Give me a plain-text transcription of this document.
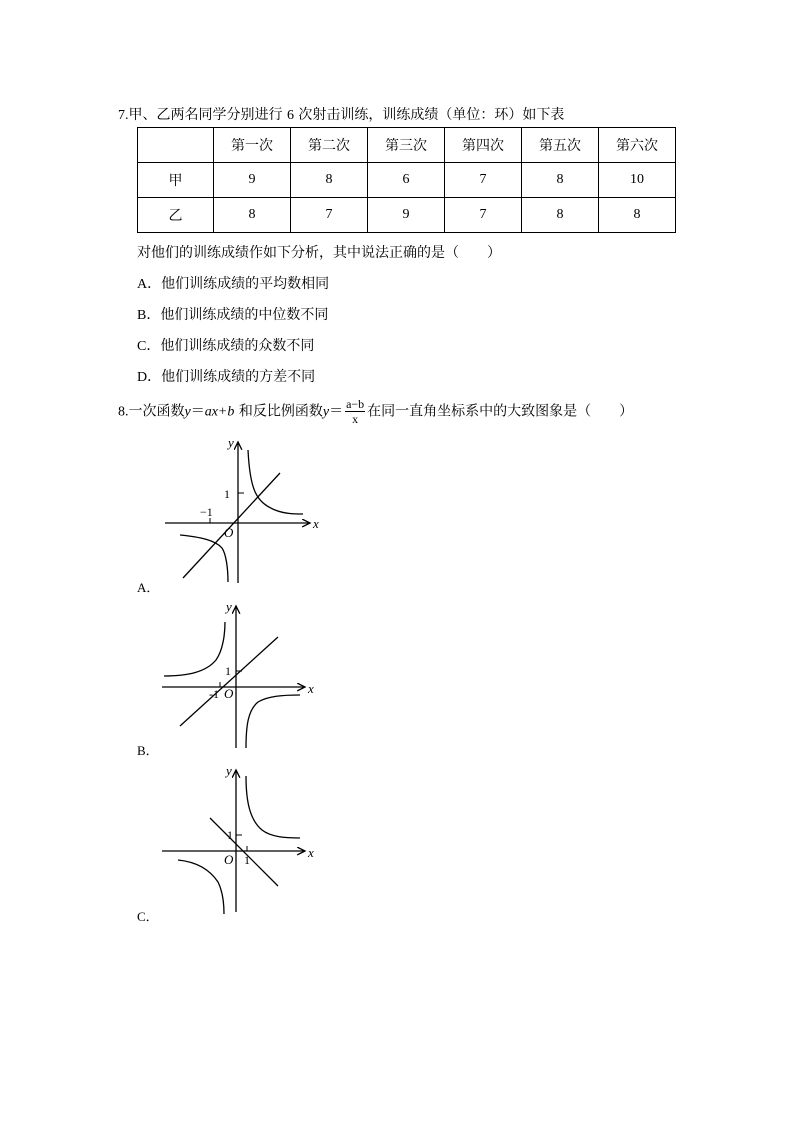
7.甲、乙两名同学分别进行 6 次射击训练，训练成绩（单位：环）如下表
	第一次	第二次	第三次	第四次	第五次	第六次
甲	9	8	6	7	8	10
乙	8	7	9	7	8	8
对他们的训练成绩作如下分析，其中说法正确的是（　　）
A．他们训练成绩的平均数相同
B．他们训练成绩的中位数不同
C．他们训练成绩的众数不同
D．他们训练成绩的方差不同
8.一次函数y＝ax+b 和反比例函数$y= \frac{a-b}{x}$ 在同一直角坐标系中的大致图象是（　　）
y
x
O
1
−1
A．
y
x
O
1
-1
B．
y
x
O
1
1
C．
